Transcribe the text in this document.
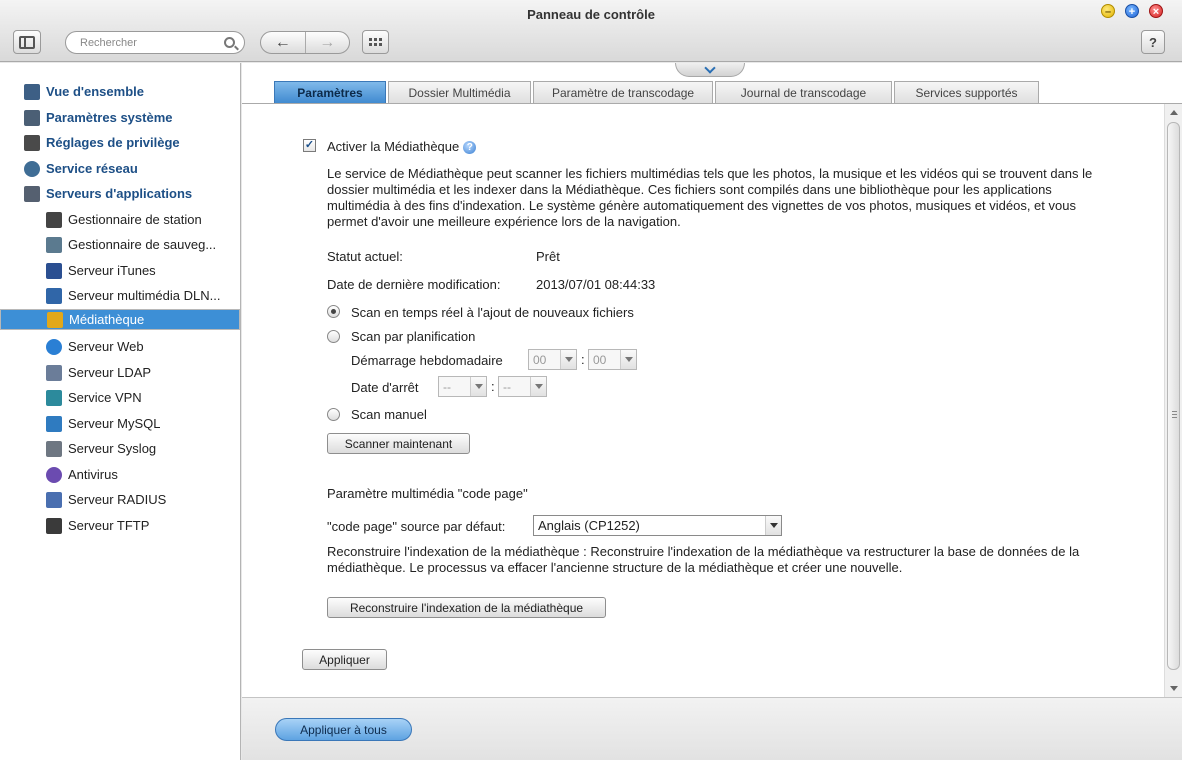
Panneau de contrôle	–	+	×
Rechercher	←	→	?
Vue d'ensemble
Paramètres système
Réglages de privilège
Service réseau
Serveurs d'applications
Gestionnaire de station
Gestionnaire de sauveg...
Serveur iTunes
Serveur multimédia DLN...
Médiathèque
Serveur Web
Serveur LDAP
Service VPN
Serveur MySQL
Serveur Syslog
Antivirus
Serveur RADIUS
Serveur TFTP
Paramètres	Dossier Multimédia	Paramètre de transcodage	Journal de transcodage	Services supportés
✓ Activer la Médiathèque ?
Le service de Médiathèque peut scanner les fichiers multimédias tels que les photos, la musique et les vidéos qui se trouvent dans le dossier multimédia et les indexer dans la Médiathèque. Ces fichiers sont compilés dans une bibliothèque pour les applications multimédia à des fins d'indexation. Le système génère automatiquement des vignettes de vos photos, musiques et vidéos, et vous permet d'avoir une meilleure expérience lors de la navigation.
Statut actuel:	Prêt
Date de dernière modification:	2013/07/01 08:44:33
Scan en temps réel à l'ajout de nouveaux fichiers
Scan par planification
Démarrage hebdomadaire	00	: 00
Date d'arrêt --	: --
Scan manuel
Scanner maintenant
Paramètre multimédia "code page"
"code page" source par défaut:	Anglais (CP1252)
Reconstruire l'indexation de la médiathèque : Reconstruire l'indexation de la médiathèque va restructurer la base de données de la médiathèque. Le processus va effacer l'ancienne structure de la médiathèque et créer une nouvelle.
Reconstruire l'indexation de la médiathèque
Appliquer
Appliquer à tous
